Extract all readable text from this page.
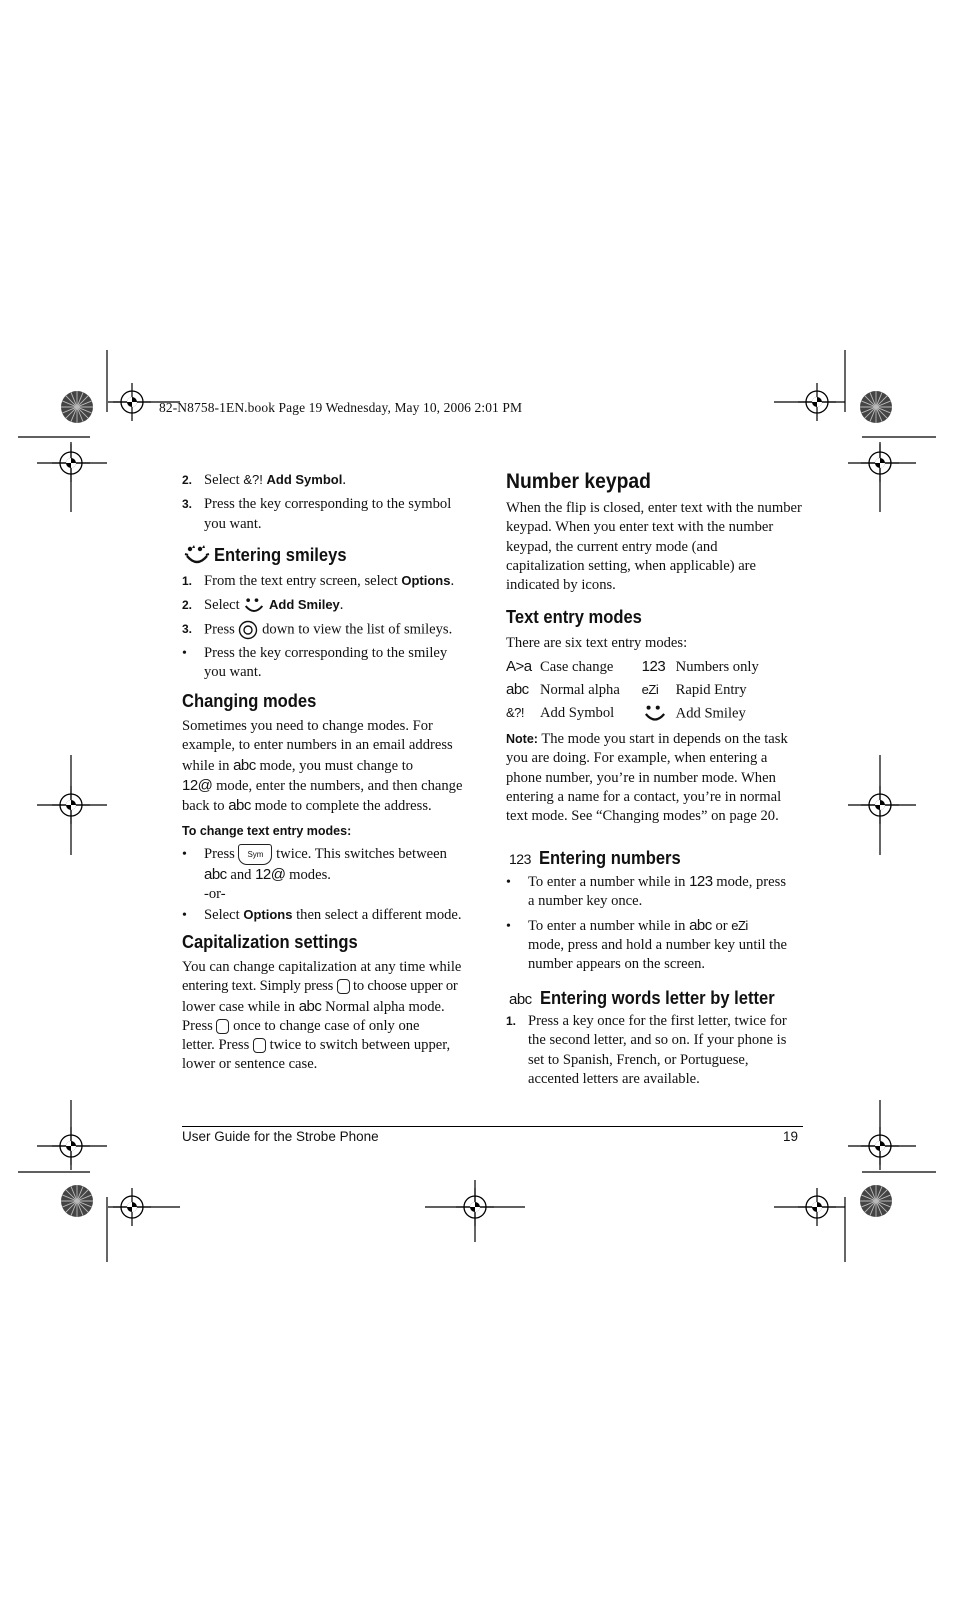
82-N8758-1EN.book Page 19 Wednesday, May 10, 2006 2:01 PM
2. Select &?! Add Symbol.
3. Press the key corresponding to the symbol
you want.
Entering smileys
1. From the text entry screen, select Options.
2. Select Add Smiley.
3. Press down to view the list of smileys.
• Press the key corresponding to the smiley
you want.
Changing modes
Sometimes you need to change modes. For
example, to enter numbers in an email address
while in abc mode, you must change to
12@ mode, enter the numbers, and then change
back to abc mode to complete the address.
To change text entry modes:
• Press Sym twice. This switches between
abc and 12@ modes.
-or-
• Select Options then select a different mode.
Capitalization settings
You can change capitalization at any time while
entering text. Simply press to choose upper or
lower case while in abc Normal alpha mode.
Press once to change case of only one
letter. Press twice to switch between upper,
lower or sentence case.
Number keypad
When the flip is closed, enter text with the number
keypad. When you enter text with the number
keypad, the current entry mode (and
capitalization setting, when applicable) are
indicated by icons.
Text entry modes
There are six text entry modes:
A>a Case change 123 Numbers only
abc Normal alpha eZi Rapid Entry
&?! Add Symbol	Add Smiley
Note: The mode you start in depends on the task
you are doing. For example, when entering a
phone number, you’re in number mode. When
entering a name for a contact, you’re in normal
text mode. See “Changing modes” on page 20.
123 Entering numbers
• To enter a number while in 123 mode, press
a number key once.
• To enter a number while in abc or eZi
mode, press and hold a number key until the
number appears on the screen.
abc Entering words letter by letter
1. Press a key once for the first letter, twice for
the second letter, and so on. If your phone is
set to Spanish, French, or Portuguese,
accented letters are available.
User Guide for the Strobe Phone	19
